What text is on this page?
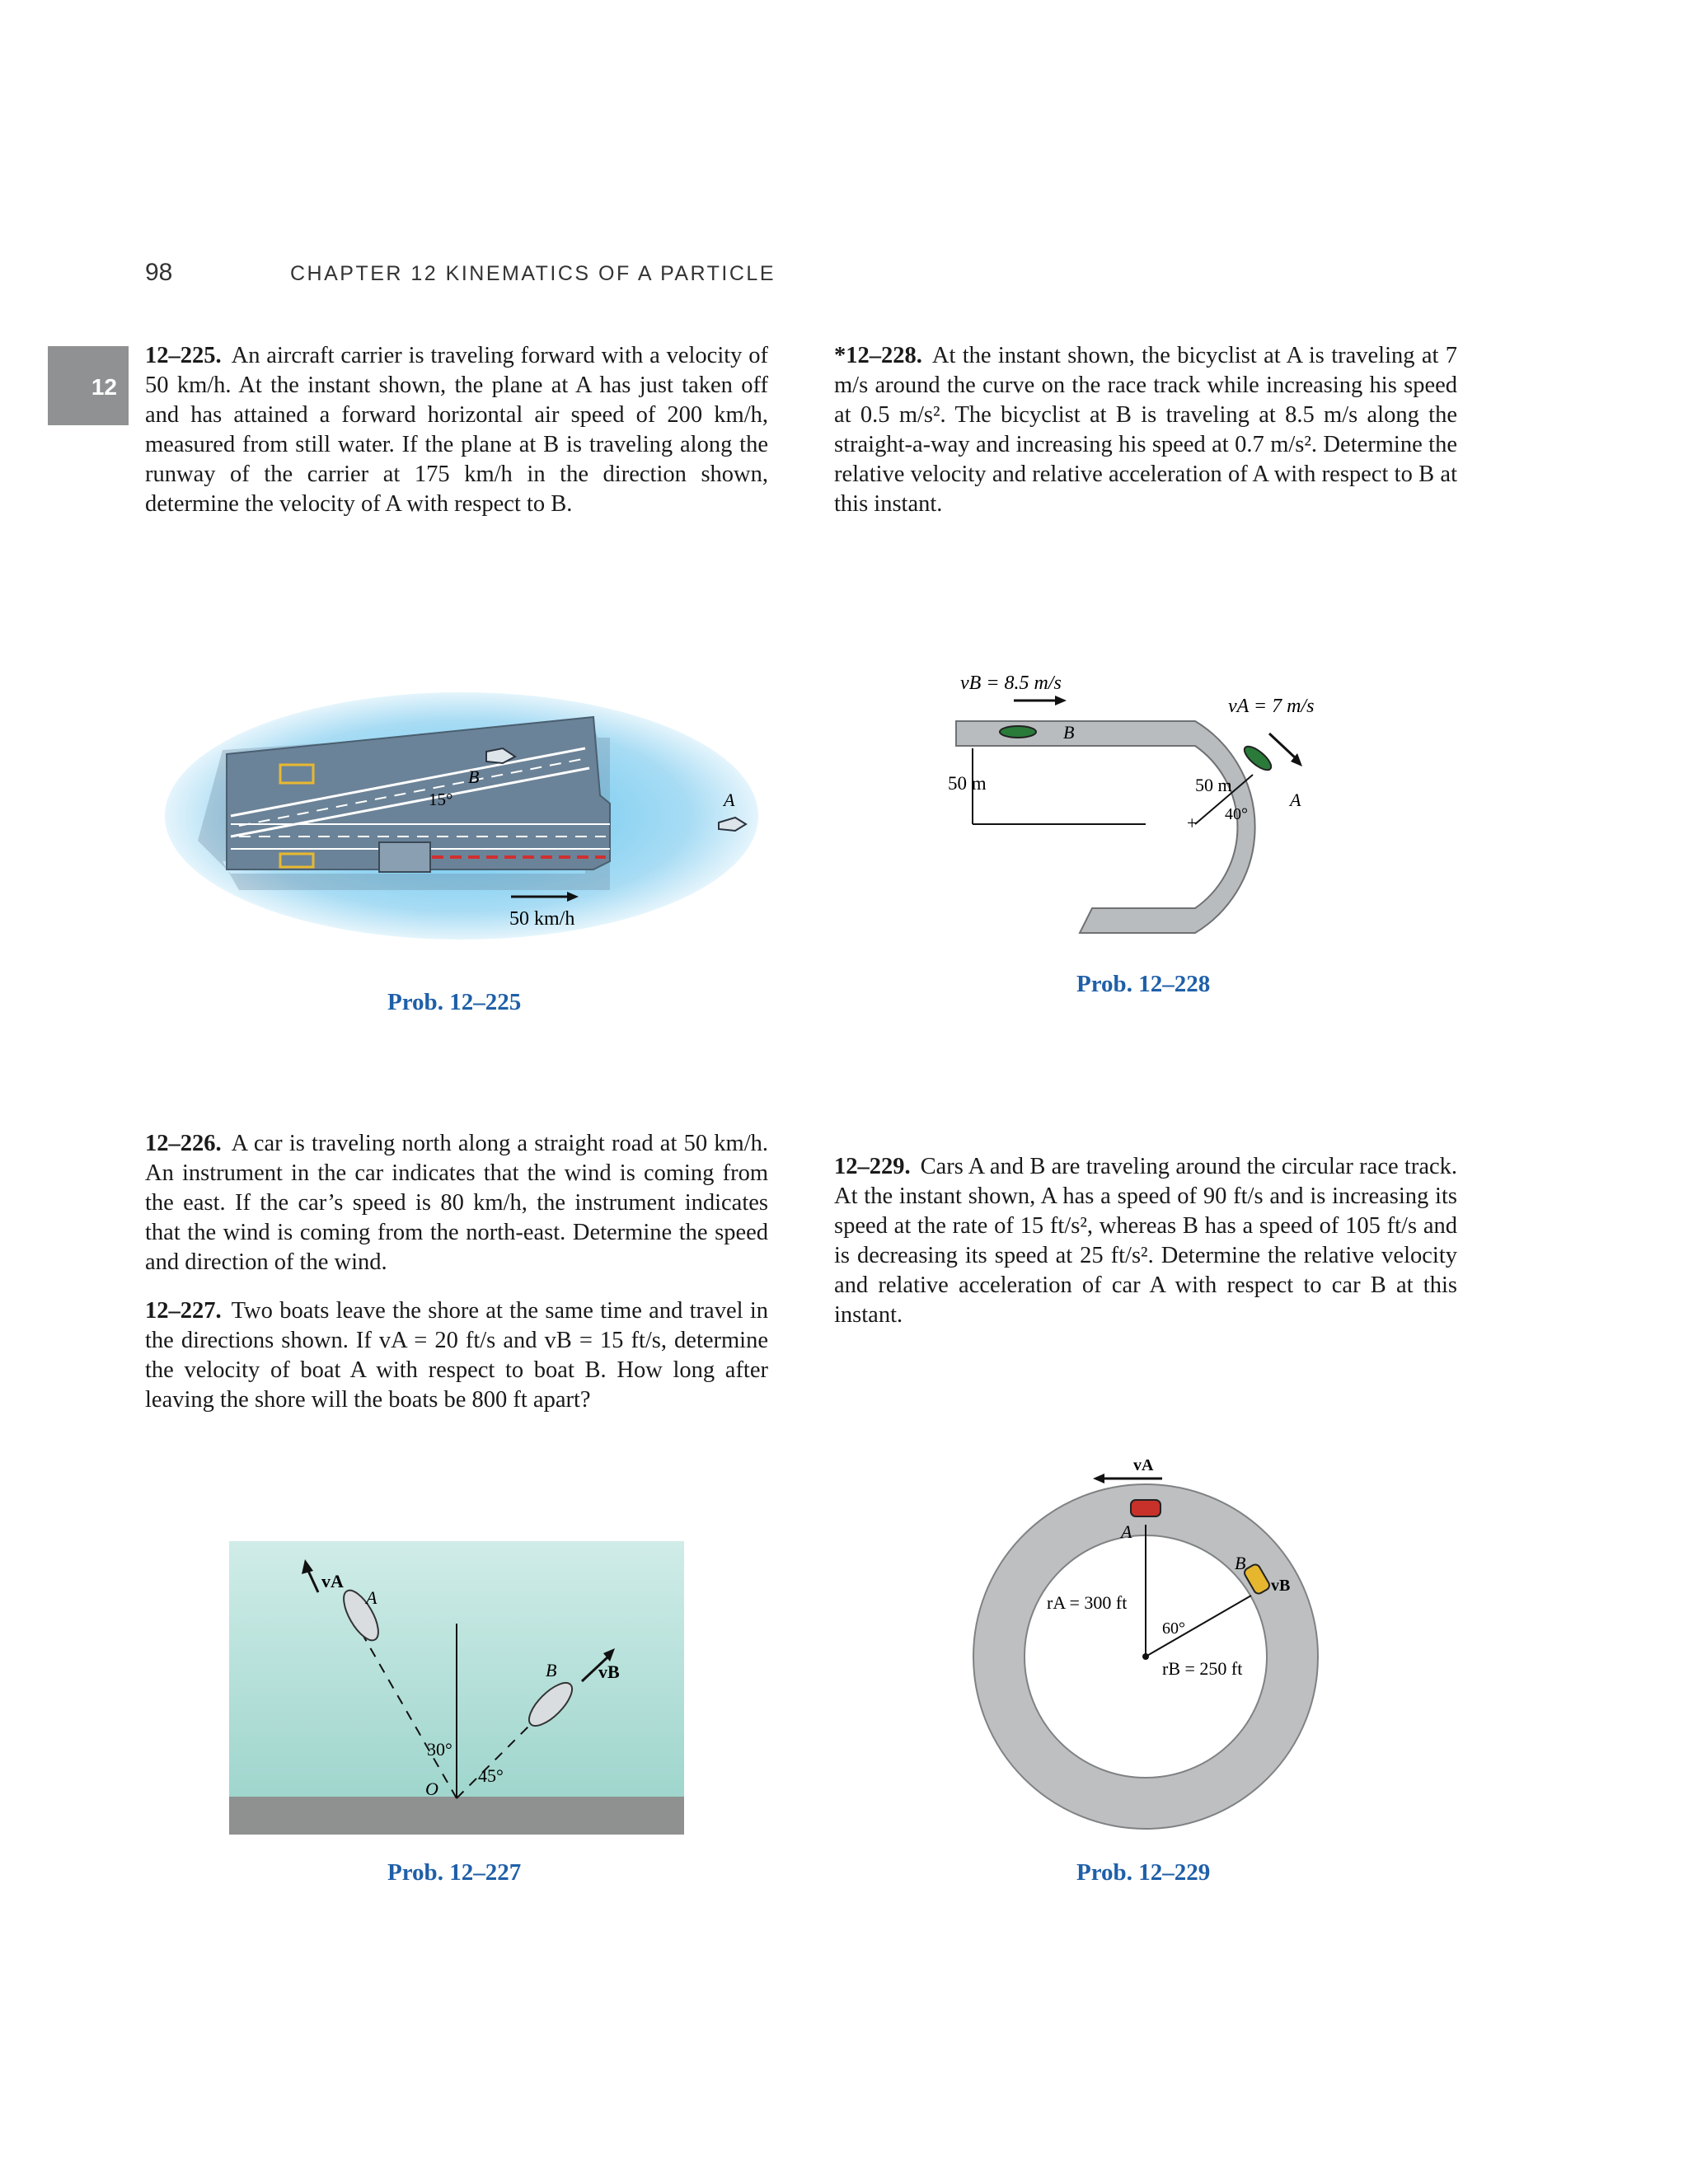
98	CHAPTER 12 KINEMATICS OF A PARTICLE
12

12–225. An aircraft carrier is traveling forward with a velocity of 50 km/h. At the instant shown, the plane at A has just taken off and has attained a forward horizontal air speed of 200 km/h, measured from still water. If the plane at B is traveling along the runway of the carrier at 175 km/h in the direction shown, determine the velocity of A with respect to B.

*12–228. At the instant shown, the bicyclist at A is traveling at 7 m/s around the curve on the race track while increasing his speed at 0.5 m/s². The bicyclist at B is traveling at 8.5 m/s along the straight-a-way and increasing his speed at 0.7 m/s². Determine the relative velocity and relative acceleration of A with respect to B at this instant.

12–226. A car is traveling north along a straight road at 50 km/h. An instrument in the car indicates that the wind is coming from the east. If the car’s speed is 80 km/h, the instrument indicates that the wind is coming from the north-east. Determine the speed and direction of the wind.

12–227. Two boats leave the shore at the same time and travel in the directions shown. If vA = 20 ft/s and vB = 15 ft/s, determine the velocity of boat A with respect to boat B. How long after leaving the shore will the boats be 800 ft apart?

12–229. Cars A and B are traveling around the circular race track. At the instant shown, A has a speed of 90 ft/s and is increasing its speed at the rate of 15 ft/s², whereas B has a speed of 105 ft/s and is decreasing its speed at 25 ft/s². Determine the relative velocity and relative acceleration of car A with respect to car B at this instant.

B
A
15°
50 km/h
Prob. 12–225
vB = 8.5 m/s
B
vA = 7 m/s
A
50 m	50 m
40°
+
Prob. 12–228
vA
A
vB
B
30°
45°
O
Prob. 12–227
vA
A
B
vB
rA = 300 ft
60°
rB = 250 ft
Prob. 12–229
